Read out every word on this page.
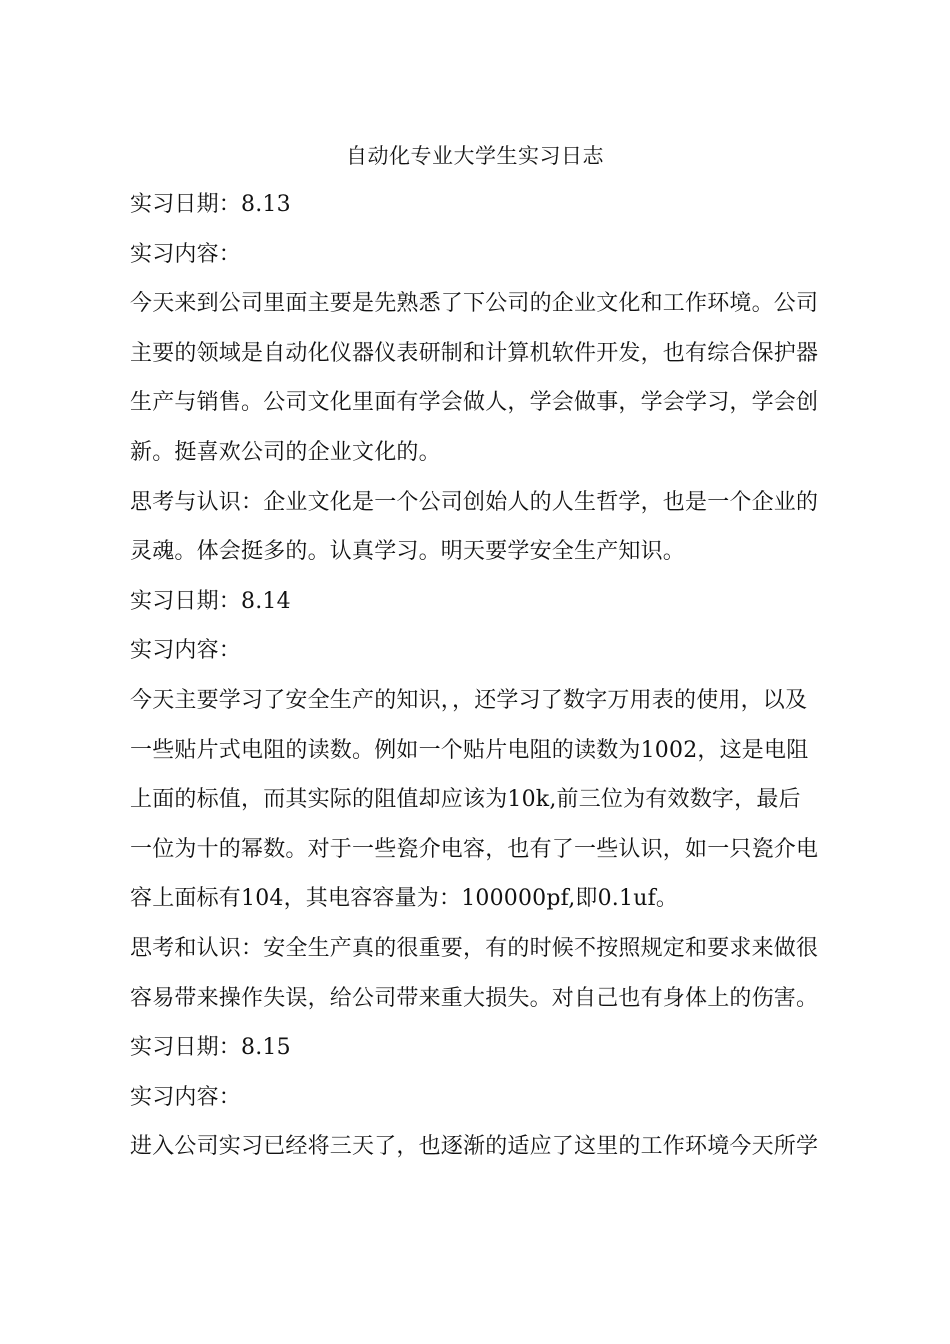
自动化专业大学生实习日志
实习日期：8.13
实习内容：
今天来到公司里面主要是先熟悉了下公司的企业文化和工作环境。公司
主要的领域是自动化仪器仪表研制和计算机软件开发，也有综合保护器
生产与销售。公司文化里面有学会做人，学会做事，学会学习，学会创
新。挺喜欢公司的企业文化的。
思考与认识：企业文化是一个公司创始人的人生哲学，也是一个企业的
灵魂。体会挺多的。认真学习。明天要学安全生产知识。
实习日期：8.14
实习内容：
今天主要学习了安全生产的知识，，还学习了数字万用表的使用，以及
一些贴片式电阻的读数。例如一个贴片电阻的读数为1002，这是电阻
上面的标值，而其实际的阻值却应该为10k,前三位为有效数字，最后
一位为十的幂数。对于一些瓷介电容，也有了一些认识，如一只瓷介电
容上面标有104，其电容容量为：100000pf,即0.1uf。
思考和认识：安全生产真的很重要，有的时候不按照规定和要求来做很
容易带来操作失误，给公司带来重大损失。对自己也有身体上的伤害。
实习日期：8.15
实习内容：
进入公司实习已经将三天了，也逐渐的适应了这里的工作环境今天所学
